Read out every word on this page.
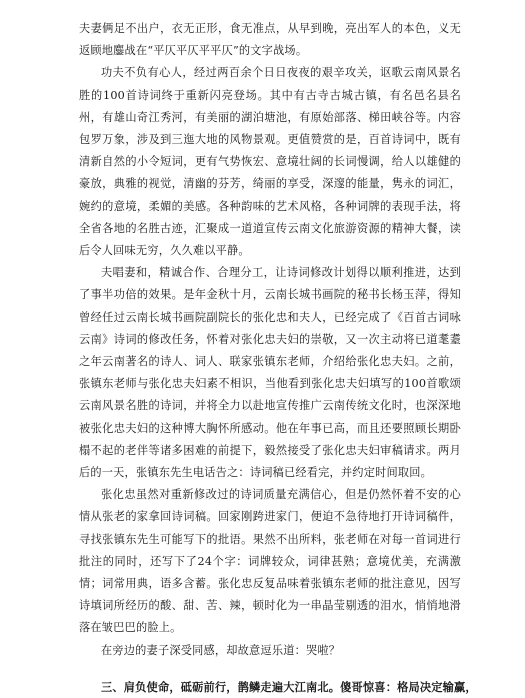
夫妻俩足不出户，衣无正形，食无准点，从早到晚，亮出军人的本色，义无返顾地鏖战在“平仄平仄平平仄”的文字战场。

功夫不负有心人，经过两百余个日日夜夜的艰辛攻关，讴歌云南风景名胜的100首诗词终于重新闪亮登场。其中有古寺古城古镇，有名邑名县名州，有雄山奇江秀河，有美丽的湖泊塘池，有原始部落、梯田峡谷等。内容包罗万象，涉及到三迤大地的风物景观。更值赞赏的是，百首诗词中，既有清新自然的小令短词，更有气势恢宏、意境壮阔的长词慢调，给人以雄健的豪放，典雅的视觉，清幽的芬芳，绮丽的享受，深邃的能量，隽永的词汇，婉约的意境，柔媚的美感。各种韵味的艺术风格，各种词牌的表现手法，将全省各地的名胜古迹，汇聚成一道道宣传云南文化旅游资源的精神大餐，读后令人回味无穷，久久难以平静。

夫唱妻和，精诚合作、合理分工，让诗词修改计划得以顺利推进，达到了事半功倍的效果。是年金秋十月，云南长城书画院的秘书长杨玉萍，得知曾经任过云南长城书画院副院长的张化忠和夫人，已经完成了《百首古词咏云南》诗词的修改任务，怀着对张化忠夫妇的崇敬，又一次主动将已道耄耋之年云南著名的诗人、词人、联家张镇东老师，介绍给张化忠夫妇。之前，张镇东老师与张化忠夫妇素不相识，当他看到张化忠夫妇填写的100首歌颂云南风景名胜的诗词，并将全力以赴地宣传推广云南传统文化时，也深深地被张化忠夫妇的这种博大胸怀所感动。他在年事已高，而且还要照顾长期卧榻不起的老伴等诸多困难的前提下，毅然接受了张化忠夫妇审稿请求。两月后的一天，张镇东先生电话告之：诗词稿已经看完，并约定时间取回。

张化忠虽然对重新修改过的诗词质量充满信心，但是仍然怀着不安的心情从张老的家拿回诗词稿。回家刚跨进家门，便迫不急待地打开诗词稿件，寻找张镇东先生可能写下的批语。果然不出所料，张老师在对每一首词进行批注的同时，还写下了24个字：词牌较众，词律甚熟；意境优美，充满激情；词常用典，语多含蓄。张化忠反复品味着张镇东老师的批注意见，因写诗填词所经历的酸、甜、苦、辣，顿时化为一串晶莹剔透的泪水，悄悄地滑落在皱巴巴的脸上。

在旁边的妻子深受同感，却故意逗乐道：哭啦？

三、肩负使命，砥砺前行，鹊鳞走遍大江南北。傻哥惊喜：格局决定输赢，
